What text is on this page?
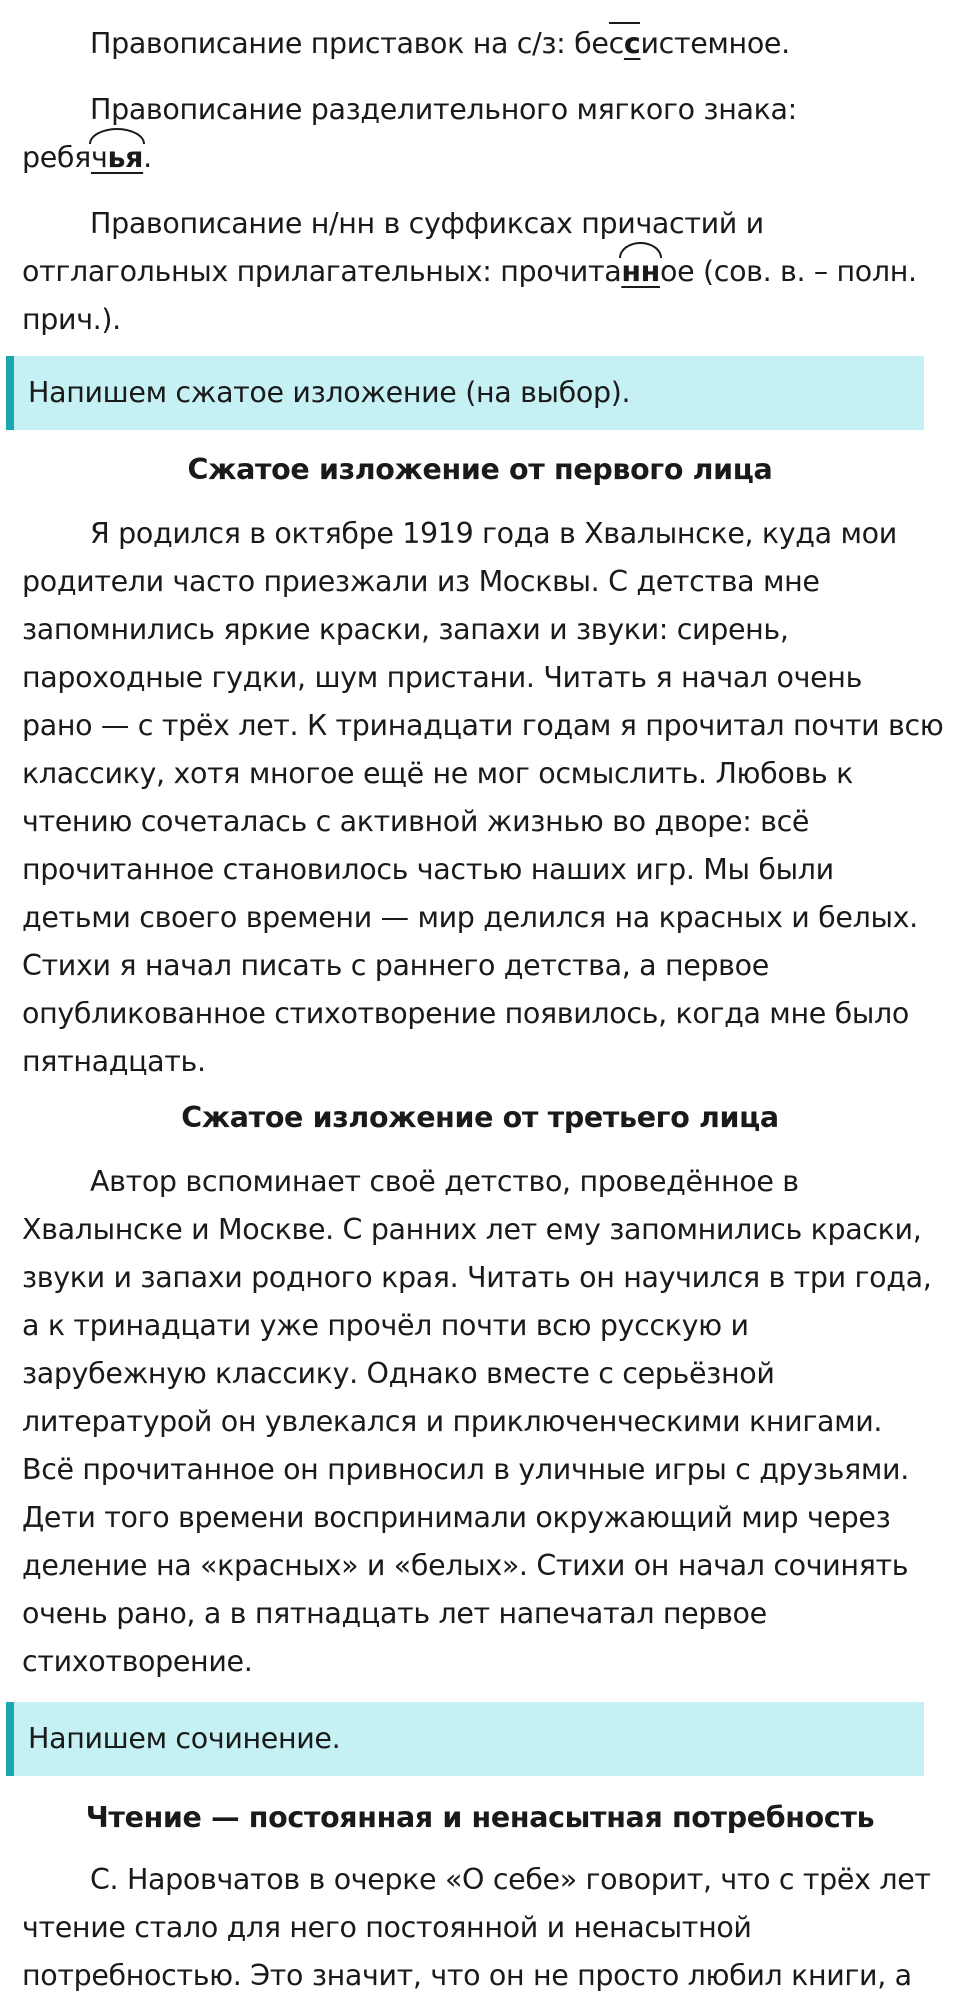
Правописание приставок на с/з: бессистемное.
Правописание разделительного мягкого знака:
ребячья.
Правописание н/нн в суффиксах причастий и
отглагольных прилагательных: прочитанное (сов. в. – полн.
прич.).
Напишем сжатое изложение (на выбор).
Сжатое изложение от первого лица
Я родился в октябре 1919 года в Хвалынске, куда мои
родители часто приезжали из Москвы. С детства мне
запомнились яркие краски, запахи и звуки: сирень,
пароходные гудки, шум пристани. Читать я начал очень
рано — с трёх лет. К тринадцати годам я прочитал почти всю
классику, хотя многое ещё не мог осмыслить. Любовь к
чтению сочеталась с активной жизнью во дворе: всё
прочитанное становилось частью наших игр. Мы были
детьми своего времени — мир делился на красных и белых.
Стихи я начал писать с раннего детства, а первое
опубликованное стихотворение появилось, когда мне было
пятнадцать.
Сжатое изложение от третьего лица
Автор вспоминает своё детство, проведённое в
Хвалынске и Москве. С ранних лет ему запомнились краски,
звуки и запахи родного края. Читать он научился в три года,
а к тринадцати уже прочёл почти всю русскую и
зарубежную классику. Однако вместе с серьёзной
литературой он увлекался и приключенческими книгами.
Всё прочитанное он привносил в уличные игры с друзьями.
Дети того времени воспринимали окружающий мир через
деление на «красных» и «белых». Стихи он начал сочинять
очень рано, а в пятнадцать лет напечатал первое
стихотворение.
Напишем сочинение.
Чтение — постоянная и ненасытная потребность
С. Наровчатов в очерке «О себе» говорит, что с трёх лет
чтение стало для него постоянной и ненасытной
потребностью. Это значит, что он не просто любил книги, а
